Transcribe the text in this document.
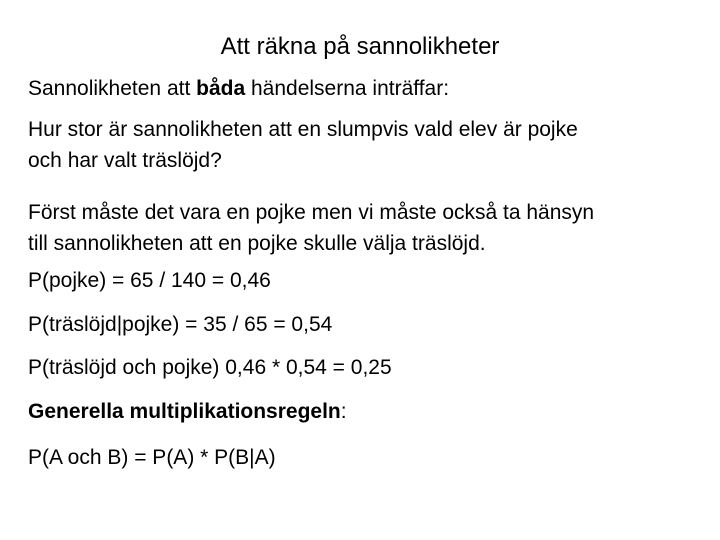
Att räkna på sannolikheter
Sannolikheten att båda händelserna inträffar:
Hur stor är sannolikheten att en slumpvis vald elev är pojke
och har valt träslöjd?
Först måste det vara en pojke men vi måste också ta hänsyn
till sannolikheten att en pojke skulle välja träslöjd.
P(pojke) = 65 / 140 = 0,46
P(träslöjd|pojke) = 35 / 65 = 0,54
P(träslöjd och pojke) 0,46 * 0,54 = 0,25
Generella multiplikationsregeln:
P(A och B) = P(A) * P(B|A)
